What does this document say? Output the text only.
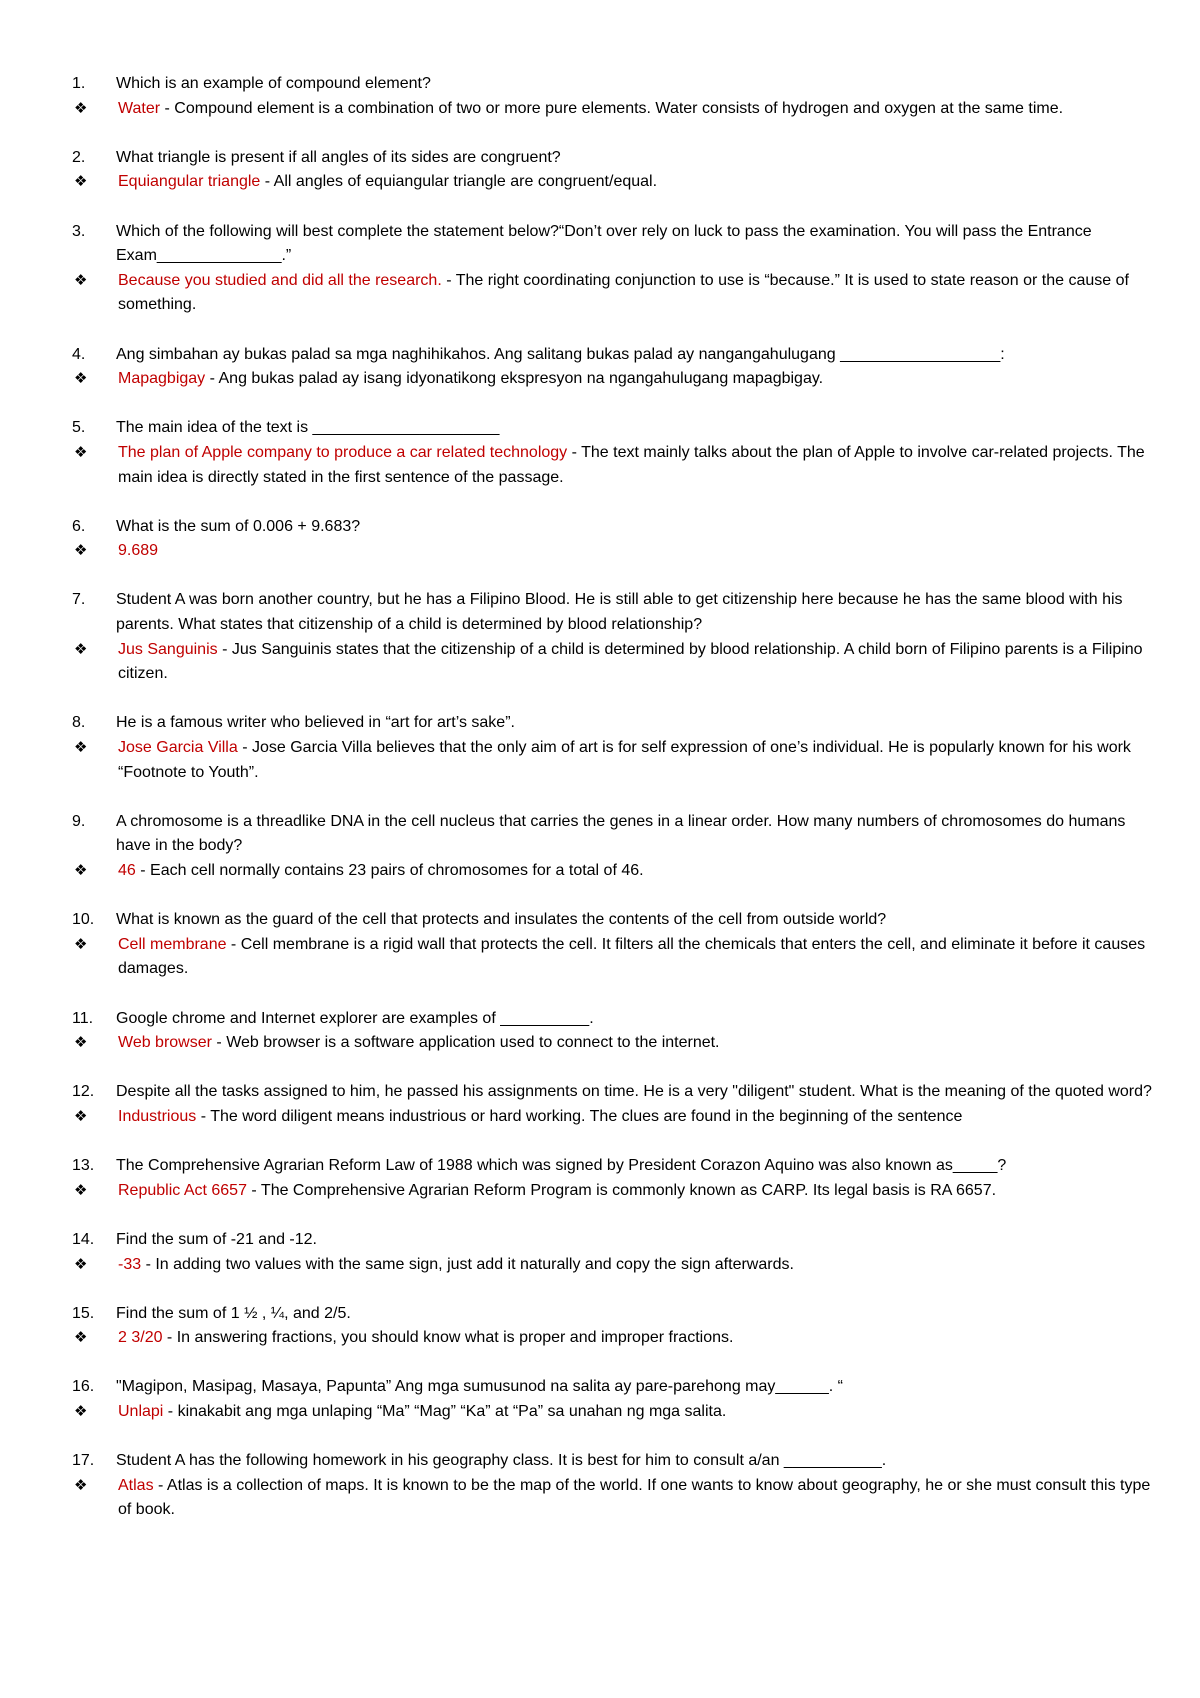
1.	Which is an example of compound element?
❖	Water - Compound element is a combination of two or more pure elements. Water consists of hydrogen and oxygen at the same time.
2.	What triangle is present if all angles of its sides are congruent?
❖	Equiangular triangle - All angles of equiangular triangle are congruent/equal.
3.	Which of the following will best complete the statement below?“Don’t over rely on luck to pass the examination. You will pass the Entrance Exam______________.”
❖	Because you studied and did all the research. - The right coordinating conjunction to use is “because.” It is used to state reason or the cause of something.
4.	Ang simbahan ay bukas palad sa mga naghihikahos. Ang salitang bukas palad ay nangangahulugang __________________:
❖	Mapagbigay - Ang bukas palad ay isang idyonatikong ekspresyon na ngangahulugang mapagbigay.
5.	The main idea of the text is _____________________
❖	The plan of Apple company to produce a car related technology - The text mainly talks about the plan of Apple to involve car-related projects. The main idea is directly stated in the first sentence of the passage.
6.	What is the sum of 0.006 + 9.683?
❖	9.689
7.	Student A was born another country, but he has a Filipino Blood. He is still able to get citizenship here because he has the same blood with his parents. What states that citizenship of a child is determined by blood relationship?
❖	Jus Sanguinis - Jus Sanguinis states that the citizenship of a child is determined by blood relationship. A child born of Filipino parents is a Filipino citizen.
8.	He is a famous writer who believed in “art for art’s sake”.
❖	Jose Garcia Villa - Jose Garcia Villa believes that the only aim of art is for self expression of one’s individual. He is popularly known for his work “Footnote to Youth”.
9.	A chromosome is a threadlike DNA in the cell nucleus that carries the genes in a linear order. How many numbers of chromosomes do humans have in the body?
❖	46 - Each cell normally contains 23 pairs of chromosomes for a total of 46.
10.	What is known as the guard of the cell that protects and insulates the contents of the cell from outside world?
❖	Cell membrane - Cell membrane is a rigid wall that protects the cell. It filters all the chemicals that enters the cell, and eliminate it before it causes damages.
11.	Google chrome and Internet explorer are examples of __________.
❖	Web browser - Web browser is a software application used to connect to the internet.
12.	Despite all the tasks assigned to him, he passed his assignments on time. He is a very "diligent" student. What is the meaning of the quoted word?
❖	Industrious - The word diligent means industrious or hard working. The clues are found in the beginning of the sentence
13.	The Comprehensive Agrarian Reform Law of 1988 which was signed by President Corazon Aquino was also known as_____?
❖	Republic Act 6657 - The Comprehensive Agrarian Reform Program is commonly known as CARP. Its legal basis is RA 6657.
14.	Find the sum of -21 and -12.
❖	-33 - In adding two values with the same sign, just add it naturally and copy the sign afterwards.
15.	Find the sum of 1 ½ , ¼, and 2/5.
❖	2 3/20 - In answering fractions, you should know what is proper and improper fractions.
16.	"Magipon, Masipag, Masaya, Papunta” Ang mga sumusunod na salita ay pare-parehong may______. “
❖	Unlapi - kinakabit ang mga unlaping “Ma” “Mag” “Ka” at “Pa” sa unahan ng mga salita.
17.	Student A has the following homework in his geography class. It is best for him to consult a/an ___________.
❖	Atlas - Atlas is a collection of maps. It is known to be the map of the world. If one wants to know about geography, he or she must consult this type of book.
